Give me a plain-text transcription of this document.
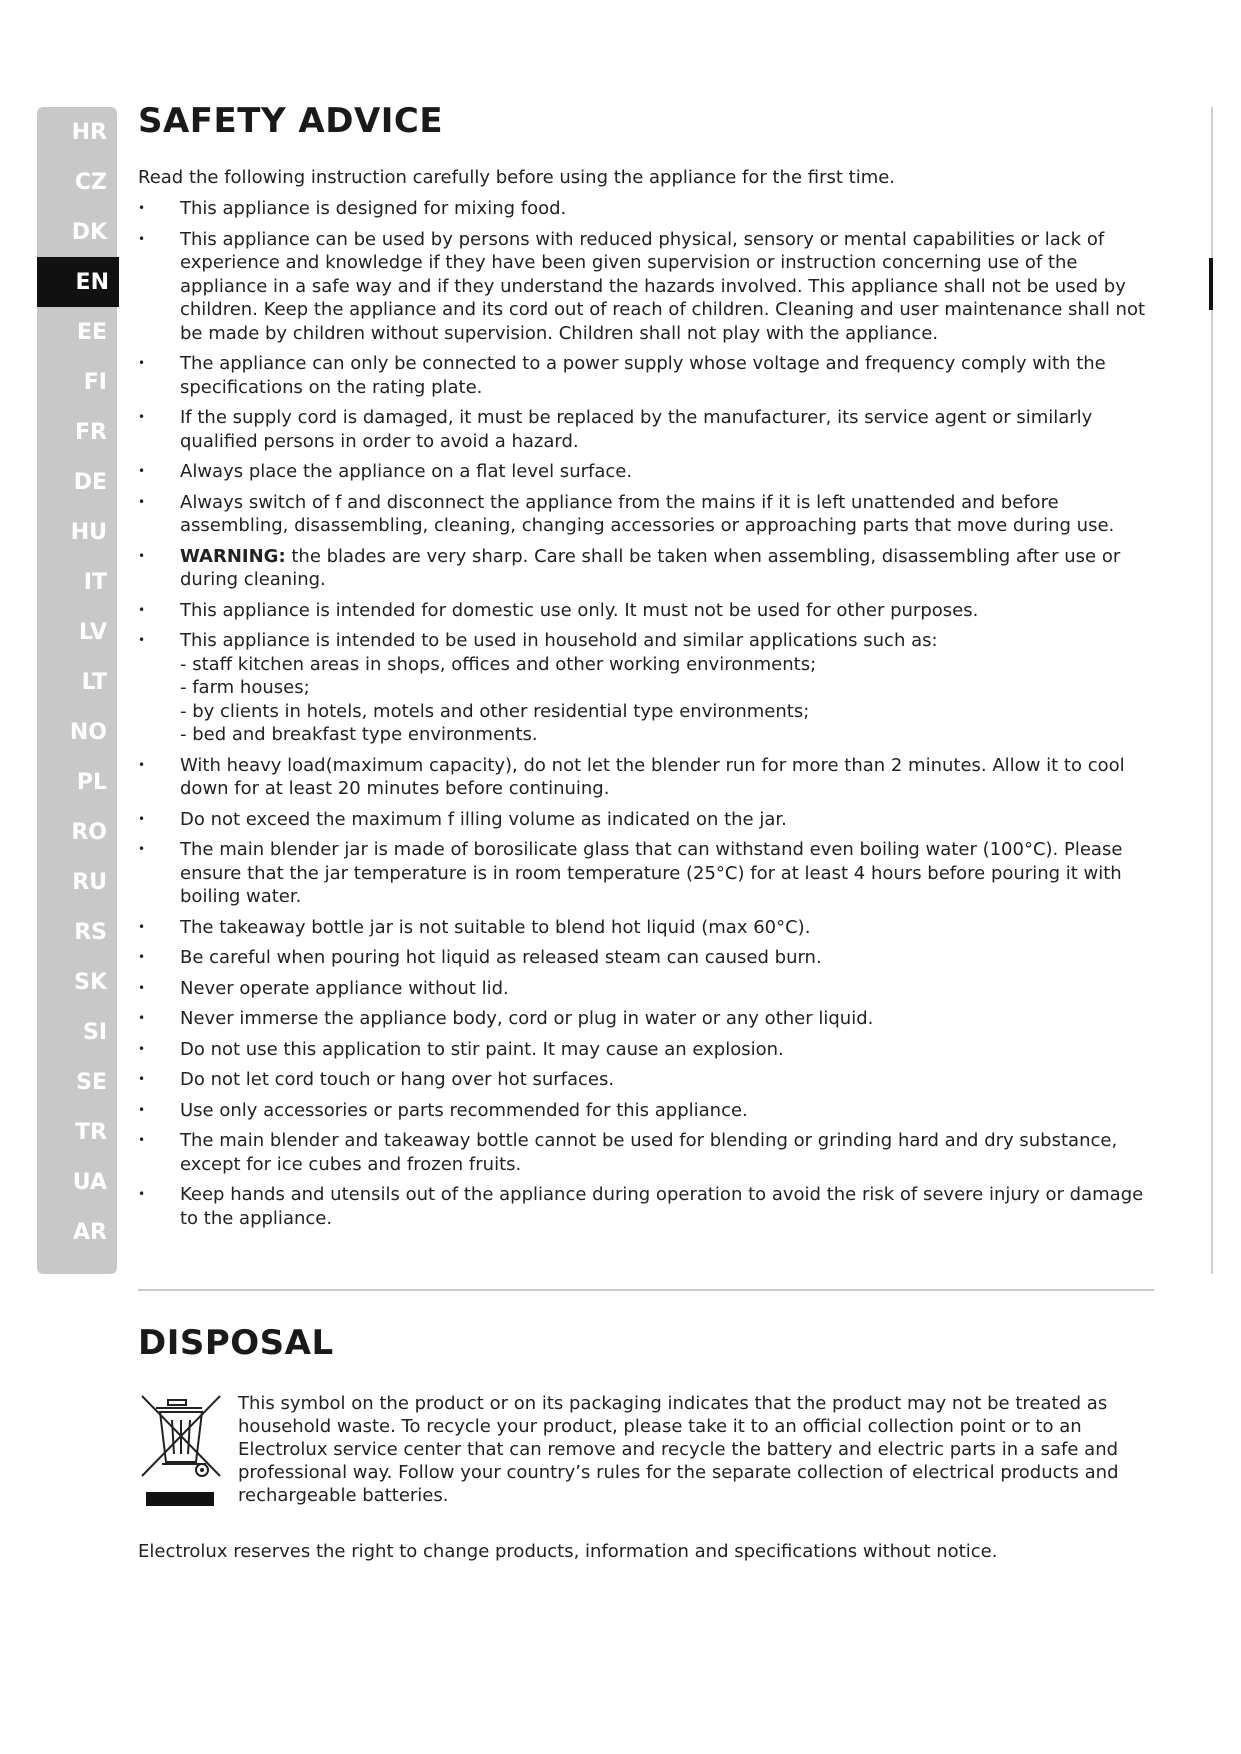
HR
CZ
DK
EN
EE
FI
FR
DE
HU
IT
LV
LT
NO
PL
RO
RU
RS
SK
SI
SE
TR
UA
AR
SAFETY ADVICE

Read the following instruction carefully before using the appliance for the first time.

• This appliance is designed for mixing food.
• This appliance can be used by persons with reduced physical, sensory or mental capabilities or lack of experience and knowledge if they have been given supervision or instruction concerning use of the appliance in a safe way and if they understand the hazards involved. This appliance shall not be used by children. Keep the appliance and its cord out of reach of children. Cleaning and user maintenance shall not be made by children without supervision. Children shall not play with the appliance.
• The appliance can only be connected to a power supply whose voltage and frequency comply with the specifications on the rating plate.
• If the supply cord is damaged, it must be replaced by the manufacturer, its service agent or similarly qualified persons in order to avoid a hazard.
• Always place the appliance on a flat level surface.
• Always switch of f and disconnect the appliance from the mains if it is left unattended and before assembling, disassembling, cleaning, changing accessories or approaching parts that move during use.
• WARNING: the blades are very sharp. Care shall be taken when assembling, disassembling after use or during cleaning.
• This appliance is intended for domestic use only. It must not be used for other purposes.
• This appliance is intended to be used in household and similar applications such as:
- staff kitchen areas in shops, offices and other working environments;
- farm houses;
- by clients in hotels, motels and other residential type environments;
- bed and breakfast type environments.
• With heavy load(maximum capacity), do not let the blender run for more than 2 minutes. Allow it to cool down for at least 20 minutes before continuing.
• Do not exceed the maximum f illing volume as indicated on the jar.
• The main blender jar is made of borosilicate glass that can withstand even boiling water (100°C). Please ensure that the jar temperature is in room temperature (25°C) for at least 4 hours before pouring it with boiling water.
• The takeaway bottle jar is not suitable to blend hot liquid (max 60°C).
• Be careful when pouring hot liquid as released steam can caused burn.
• Never operate appliance without lid.
• Never immerse the appliance body, cord or plug in water or any other liquid.
• Do not use this application to stir paint. It may cause an explosion.
• Do not let cord touch or hang over hot surfaces.
• Use only accessories or parts recommended for this appliance.
• The main blender and takeaway bottle cannot be used for blending or grinding hard and dry substance, except for ice cubes and frozen fruits.
• Keep hands and utensils out of the appliance during operation to avoid the risk of severe injury or damage to the appliance.
DISPOSAL
This symbol on the product or on its packaging indicates that the product may not be treated as household waste. To recycle your product, please take it to an official collection point or to an Electrolux service center that can remove and recycle the battery and electric parts in a safe and professional way. Follow your country’s rules for the separate collection of electrical products and rechargeable batteries.

Electrolux reserves the right to change products, information and specifications without notice.
